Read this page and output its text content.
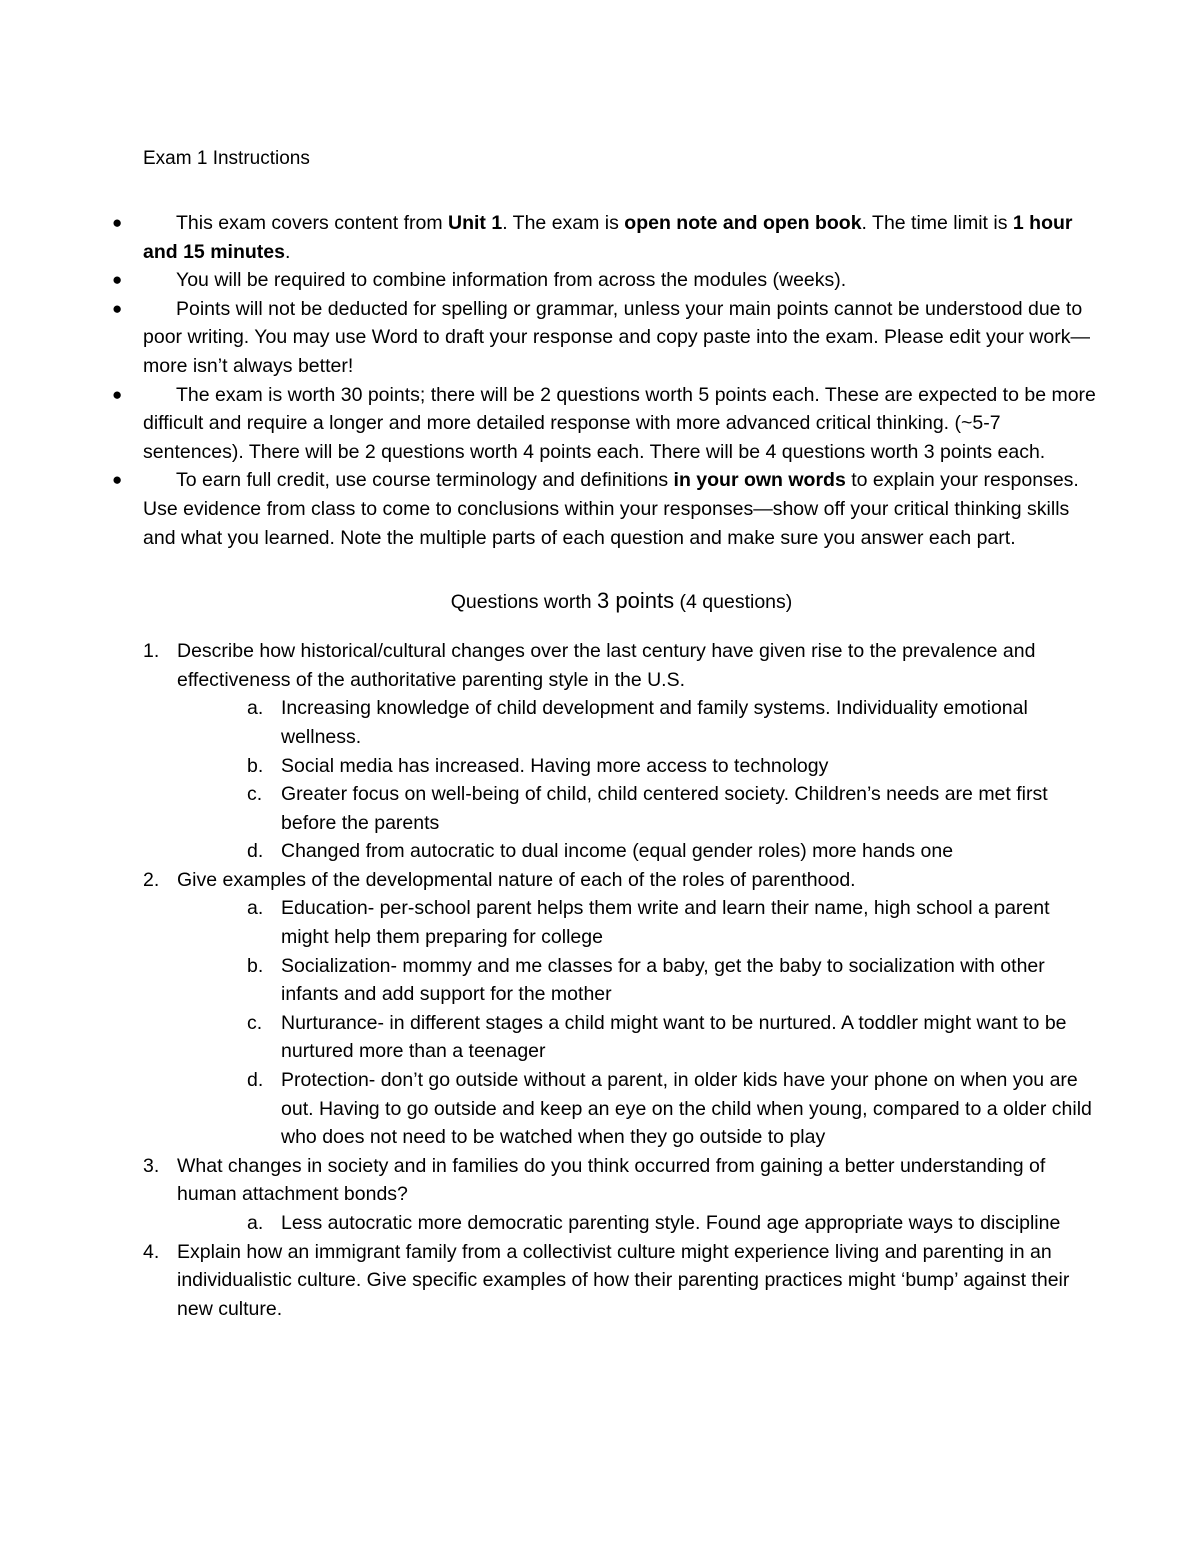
Exam 1 Instructions
●	This exam covers content from Unit 1. The exam is open note and open book. The time limit is 1 hour and 15 minutes.
●	You will be required to combine information from across the modules (weeks).
●	Points will not be deducted for spelling or grammar, unless your main points cannot be understood due to poor writing. You may use Word to draft your response and copy paste into the exam. Please edit your work—more isn’t always better!
●	The exam is worth 30 points; there will be 2 questions worth 5 points each. These are expected to be more difficult and require a longer and more detailed response with more advanced critical thinking. (~5-7 sentences). There will be 2 questions worth 4 points each. There will be 4 questions worth 3 points each.
●	To earn full credit, use course terminology and definitions in your own words to explain your responses. Use evidence from class to come to conclusions within your responses—show off your critical thinking skills and what you learned. Note the multiple parts of each question and make sure you answer each part.
Questions worth 3 points (4 questions)
1. Describe how historical/cultural changes over the last century have given rise to the prevalence and effectiveness of the authoritative parenting style in the U.S.
a. Increasing knowledge of child development and family systems. Individuality emotional wellness.
b. Social media has increased. Having more access to technology
c. Greater focus on well-being of child, child centered society. Children’s needs are met first before the parents
d. Changed from autocratic to dual income (equal gender roles) more hands one
2. Give examples of the developmental nature of each of the roles of parenthood.
a. Education- per-school parent helps them write and learn their name, high school a parent might help them preparing for college
b. Socialization- mommy and me classes for a baby, get the baby to socialization with other infants and add support for the mother
c. Nurturance- in different stages a child might want to be nurtured. A toddler might want to be nurtured more than a teenager
d. Protection- don’t go outside without a parent, in older kids have your phone on when you are out. Having to go outside and keep an eye on the child when young, compared to a older child who does not need to be watched when they go outside to play
3. What changes in society and in families do you think occurred from gaining a better understanding of human attachment bonds?
a. Less autocratic more democratic parenting style. Found age appropriate ways to discipline
4. Explain how an immigrant family from a collectivist culture might experience living and parenting in an individualistic culture. Give specific examples of how their parenting practices might ‘bump’ against their new culture.
